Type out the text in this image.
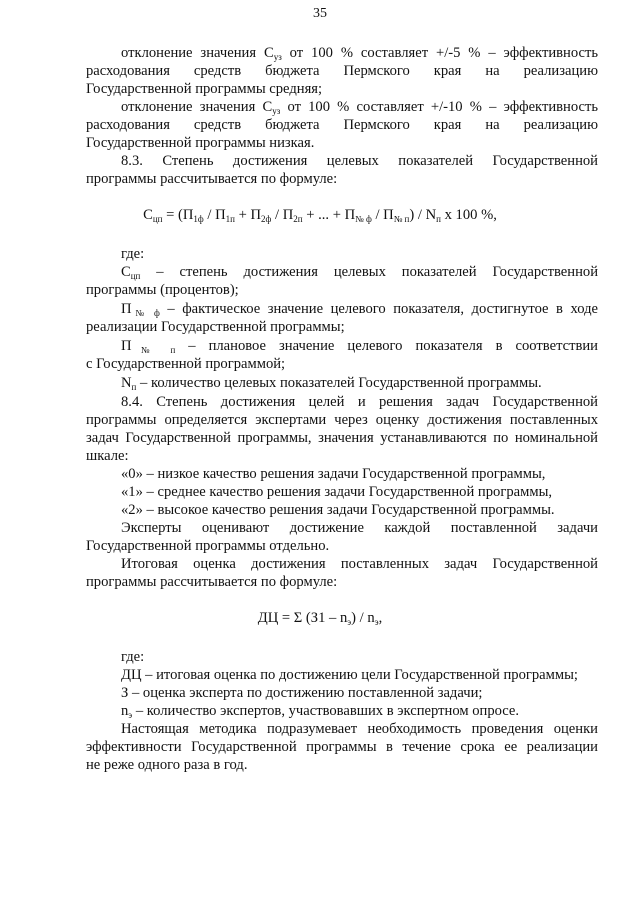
35
отклонение значения $С_{уз}$ от 100 % составляет +/-5 % – эффективность
расходования средств бюджета Пермского края на реализацию
Государственной программы средняя;
отклонение значения $С_{уз}$ от 100 % составляет +/-10 % – эффективность
расходования средств бюджета Пермского края на реализацию
Государственной программы низкая.
8.3. Степень достижения целевых показателей Государственной
программы рассчитывается по формуле:
$С_{цп} = (П_{1ф} / П_{1п} + П_{2ф} / П_{2п}$ + ... + $П_{№ ф} / П_{№ п}) / N_п$ х 100 %,
где:
$С_{цп}$ – степень достижения целевых показателей Государственной
программы (процентов);
$П_{№ ф}$ – фактическое значение целевого показателя, достигнутое в ходе
реализации Государственной программы;
$П_{№ п}$ – плановое значение целевого показателя в соответствии
с Государственной программой;
$N_п$ – количество целевых показателей Государственной программы.
8.4. Степень достижения целей и решения задач Государственной
программы определяется экспертами через оценку достижения поставленных
задач Государственной программы, значения устанавливаются по номинальной
шкале:
«0» – низкое качество решения задачи Государственной программы,
«1» – среднее качество решения задачи Государственной программы,
«2» – высокое качество решения задачи Государственной программы.
Эксперты оценивают достижение каждой поставленной задачи
Государственной программы отдельно.
Итоговая оценка достижения поставленных задач Государственной
программы рассчитывается по формуле:
ДЦ = Σ $(З1 - n_э) / n_э$,
где:
ДЦ – итоговая оценка по достижению цели Государственной программы;
З – оценка эксперта по достижению поставленной задачи;
$n_э$ – количество экспертов, участвовавших в экспертном опросе.
Настоящая методика подразумевает необходимость проведения оценки
эффективности Государственной программы в течение срока ее реализации
не реже одного раза в год.
